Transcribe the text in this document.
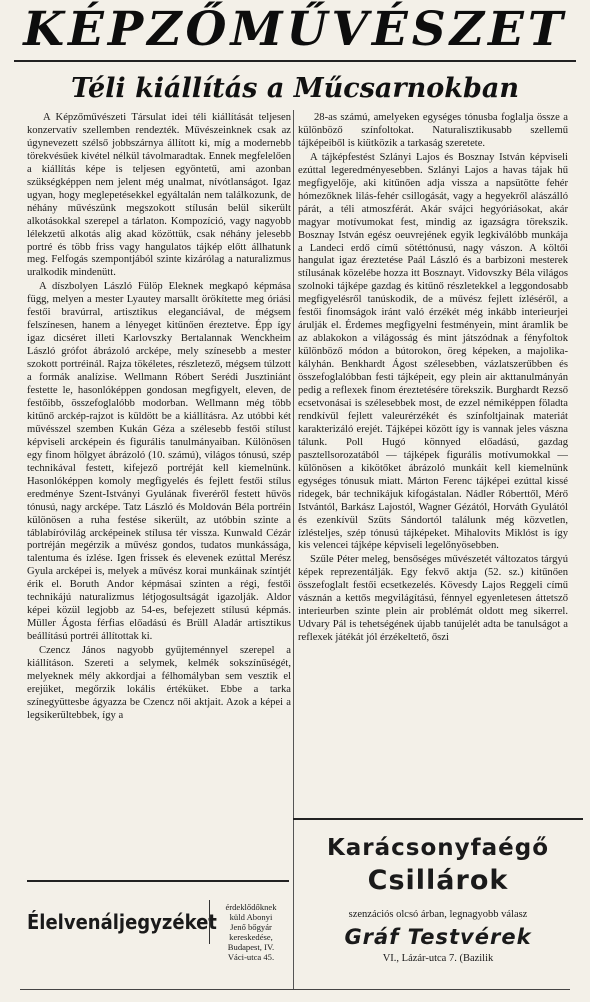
KÉPZŐMŰVÉSZET
Téli kiállítás a Műcsarnokban

A Képzőművészeti Társulat idei téli kiállítását teljesen konzervatív szellemben rendezték. Művészeinknek csak az úgynevezett szélső jobbszárnya állított ki, míg a modernebb törekvésűek kivétel nélkül távolmaradtak. Ennek megfelelően a kiállítás képe is teljesen egyöntetű, ami azonban szükségképpen nem jelent még unalmat, nívótlanságot. Igaz ugyan, hogy meglepetésekkel egyáltalán nem találkozunk, de néhány művészünk megszokott stílusán belül sikerült alkotásokkal szerepel a tárlaton. Kompozíció, vagy nagyobb lélekzetű alkotás alig akad közöttük, csak néhány jelesebb portré és több friss vagy hangulatos tájkép előtt állhatunk meg. Felfogás szempontjából szinte kizárólag a naturalizmus uralkodik mindenütt.

A díszbolyen László Fülöp Eleknek megkapó képmása függ, melyen a mester Lyautey marsallt örökítette meg óriási festői bravúrral, artisztikus eleganciával, de mégsem felszínesen, hanem a lényeget kitűnően éreztetve. Épp így igaz dicséret illeti Karlovszky Bertalannak Wenckheim László grófot ábrázoló arcképe, mely színesebb a mester szokott portréinál. Rajza tökéletes, részletező, mégsem túlzott a formák analízise. Wellmann Róbert Serédi Jusztiniánt festette le, hasonlóképpen gondosan megfigyelt, eleven, de festőibb, összefoglalóbb modorban. Wellmann még több kitűnő arckép-rajzot is küldött be a kiállításra. Az utóbbi két művésszel szemben Kukán Géza a szélesebb festői stílust képviseli arcképein és figurális tanulmányaiban. Különösen egy finom hölgyet ábrázoló (10. számú), világos tónusú, szép technikával festett, kifejező portréját kell kiemelnünk. Hasonlóképpen komoly megfigyelés és fejlett festői stílus eredménye Szent-Istványi Gyulának fiveréről festett hűvös tónusú, nagy arcképe. Tatz László és Moldován Béla portréin különösen a ruha festése sikerült, az utóbbin szinte a táblabíróvilág arcképeinek stílusa tér vissza. Kunwald Cézár portréján megérzik a művész gondos, tudatos munkássága, talentuma és ízlése. Igen frissek és elevenek ezúttal Merész Gyula arcképei is, melyek a művész korai munkáinak színtjét érik el. Boruth Andor képmásai szinten a régi, festői technikájú naturalizmus létjogosultságát igazolják. Aldor képei közül legjobb az 54-es, befejezett stílusú képmás. Müller Ágosta férfias előadású és Brüll Aladár artisztikus beállítású portréi állítottak ki.

Czencz János nagyobb gyűjteménnyel szerepel a kiállításon. Szereti a selymek, kelmék sokszínűségét, melyeknek mély akkordjai a félhomályban sem vesztik el erejüket, megőrzik lokális értéküket. Ebbe a tarka színegyüttesbe ágyazza be Czencz női aktjait. Azok a képei a legsikerültebbek, így a

28-as számú, amelyeken egységes tónusba foglalja össze a különböző színfoltokat. Naturalisztikusabb szellemű tájképeiből is kiütközik a tarkaság szeretete.

A tájképfestést Szlányi Lajos és Bosznay István képviseli ezúttal legeredményesebben. Szlányi Lajos a havas tájak hű megfigyelője, aki kitűnően adja vissza a napsütötte fehér hómezőknek lilás-fehér csillogását, vagy a hegyekről alászálló párát, a téli atmoszférát. Akár svájci hegyóriásokat, akár magyar motívumokat fest, mindig az igazságra törekszik. Bosznay István egész oeuvrejének egyik legkiválóbb munkája a Landeci erdő című sötéttónusú, nagy vászon. A költői hangulat igaz éreztetése Paál László és a barbizoni mesterek stílusának közelébe hozza itt Bosznayt. Vidovszky Béla világos szolnoki tájképe gazdag és kitűnő részletekkel a leggondosabb megfigyelésről tanúskodik, de a művész fejlett ízléséről, a festői finomságok iránt való érzékét még inkább interieurjei árulják el. Érdemes megfigyelni festményein, mint áramlik be az ablakokon a világosság és mint játszódnak a fényfoltok különböző módon a bútorokon, öreg képeken, a majolika-kályhán. Benkhardt Ágost szélesebben, vázlatszerűbben és összefoglalóbban festi tájképeit, egy plein air akttanulmányán pedig a reflexek finom éreztetésére törekszik. Burghardt Rezső ecsetvonásai is szélesebbek most, de ezzel némiképpen föladta rendkívül fejlett valeurérzékét és színfoltjainak materiát karakterizáló erejét. Tájképei között így is vannak jeles vászna tálunk. Poll Hugó könnyed előadású, gazdag pasztellsorozatából — tájképek figurális motívumokkal — különösen a kikötőket ábrázoló munkáit kell kiemelnünk egységes tónusuk miatt. Márton Ferenc tájképei ezúttal kissé ridegek, bár technikájuk kifogástalan. Nádler Róberttől, Mérő Istvántól, Barkász Lajostól, Wagner Gézától, Horváth Gyulától és ezenkívül Szüts Sándortól találunk még közvetlen, ízlésteljes, szép tónusú tájképeket. Mihalovits Miklóst is így kis velencei tájképe képviseli legelőnyösebben.

Szűle Péter meleg, bensőséges művészetét változatos tárgyú képek reprezentálják. Egy fekvő aktja (52. sz.) kitűnően összefoglalt festői ecsetkezelés. Kövesdy Lajos Reggeli című vásznán a kettős megvilágítású, fénnyel egyenletesen áttetsző interieurben szinte plein air problémát oldott meg sikerrel. Udvary Pál is tehetségének újabb tanújelét adta be tanulságot a reflexek játékát jól érzékeltető, őszi

Karácsonyfaégő
Csillárok
szenzációs olcsó árban, legnagyobb válasz
Gráf Testvérek
VI., Lázár-utca 7. (Bazilik
Élelvenáljegyzéket
érdeklődőknek
küld Abonyi
Jenő bőgyár
kereskedése,
Budapest, IV.
Váci-utca 45.
